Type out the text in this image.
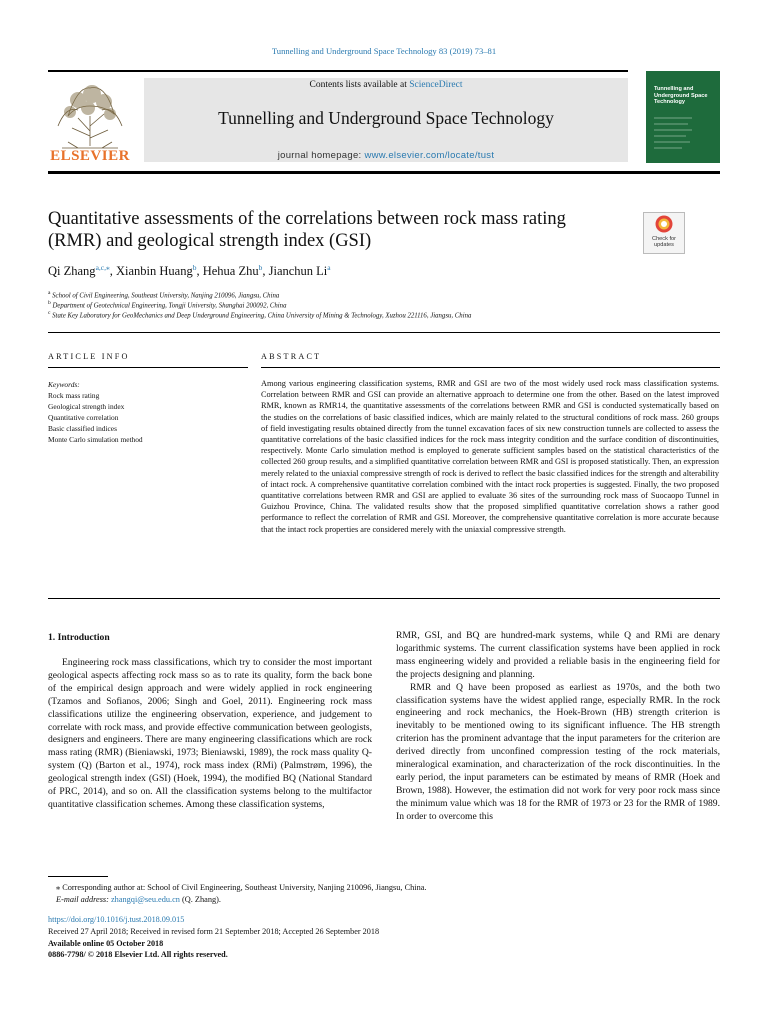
Tunnelling and Underground Space Technology 83 (2019) 73–81
ELSEVIER
Contents lists available at ScienceDirect
Tunnelling and Underground Space Technology
journal homepage: www.elsevier.com/locate/tust
Tunnelling and Underground Space Technology
Quantitative assessments of the correlations between rock mass rating (RMR) and geological strength index (GSI)	Check for updates
Qi Zhang$^{a,c,⁎}$, Xianbin Huang$^b$, Hehua Zhu$^b$, Jianchun Li$^a$
$^a$ School of Civil Engineering, Southeast University, Nanjing 210096, Jiangsu, China
$^b$ Department of Geotechnical Engineering, Tongji University, Shanghai 200092, China
$^c$ State Key Laboratory for GeoMechanics and Deep Underground Engineering, China University of Mining & Technology, Xuzhou 221116, Jiangsu, China
ARTICLE INFO
Keywords:
Rock mass rating
Geological strength index
Quantitative correlation
Basic classified indices
Monte Carlo simulation method
ABSTRACT
Among various engineering classification systems, RMR and GSI are two of the most widely used rock mass classification systems. Correlation between RMR and GSI can provide an alternative approach to determine one from the other. Based on the latest improved RMR, known as RMR14, the quantitative assessments of the correlations between RMR and GSI is conducted systematically based on the studies on the correlations of basic classified indices, which are mainly related to the structural conditions of rock mass. 260 groups of field investigating results obtained directly from the tunnel excavation faces of six new construction tunnels are collected to assess the quantitative correlations of the basic classified indices for the rock mass integrity condition and the surface condition of discontinuities, respectively. Monte Carlo simulation method is employed to generate sufficient samples based on the statistical characteristics of the collected 260 group results, and a simplified quantitative correlation between RMR and GSI is proposed statistically. Then, an expression merely related to the uniaxial compressive strength of rock is derived to reflect the basic classified indices for the strength and alterability of intact rock. A comprehensive quantitative correlation combined with the intact rock properties is suggested. Finally, the two proposed quantitative correlations between RMR and GSI are applied to evaluate 36 sites of the surrounding rock mass of Suocaopo Tunnel in Guizhou Province, China. The validated results show that the proposed simplified quantitative correlation shows a rather good performance to reflect the correlation of RMR and GSI. Moreover, the comprehensive quantitative correlation is more accurate because that the intact rock properties are considered merely with the uniaxial compressive strength.
1. Introduction

Engineering rock mass classifications, which try to consider the most important geological aspects affecting rock mass so as to rate its quality, form the back bone of the empirical design approach and were widely applied in rock engineering (Tzamos and Sofianos, 2006; Singh and Goel, 2011). Engineering rock mass classifications utilize the engineering observation, experience, and judgement to correlate with rock mass, and provide effective communication between geologists, designers and engineers. There are many engineering classifications which are rock mass rating (RMR) (Bieniawski, 1973; Bieniawski, 1989), the rock mass quality Q-system (Q) (Barton et al., 1974), rock mass index (RMi) (Palmstrøm, 1996), the geological strength index (GSI) (Hoek, 1994), the modified BQ (National Standard of PRC, 2014), and so on. All the classification systems belong to the multifactor quantitative classification schemes. Among these classification systems,

RMR, GSI, and BQ are hundred-mark systems, while Q and RMi are denary logarithmic systems. The current classification systems have been applied in rock mass engineering widely and provided a reliable basis in the engineering field for the projects designing and planning.

RMR and Q have been proposed as earliest as 1970s, and the both two classification systems have the widest applied range, especially RMR. In the rock engineering and rock mechanics, the Hoek-Brown (HB) strength criterion is inevitably to be mentioned owing to its significant influence. The HB strength criterion has the prominent advantage that the input parameters for the criterion are derived directly from unconfined compression testing of the rock materials, mineralogical examination, and characterization of the rock discontinuities. In the early period, the input parameters can be estimated by means of RMR (Hoek and Brown, 1988). However, the estimation did not work for very poor rock mass since the minimum value which was 18 for the RMR of 1973 or 23 for the RMR of 1989. In order to overcome this

⁎ Corresponding author at: School of Civil Engineering, Southeast University, Nanjing 210096, Jiangsu, China.
E-mail address: zhangqi@seu.edu.cn (Q. Zhang).
https://doi.org/10.1016/j.tust.2018.09.015
Received 27 April 2018; Received in revised form 21 September 2018; Accepted 26 September 2018
Available online 05 October 2018
0886-7798/ © 2018 Elsevier Ltd. All rights reserved.
